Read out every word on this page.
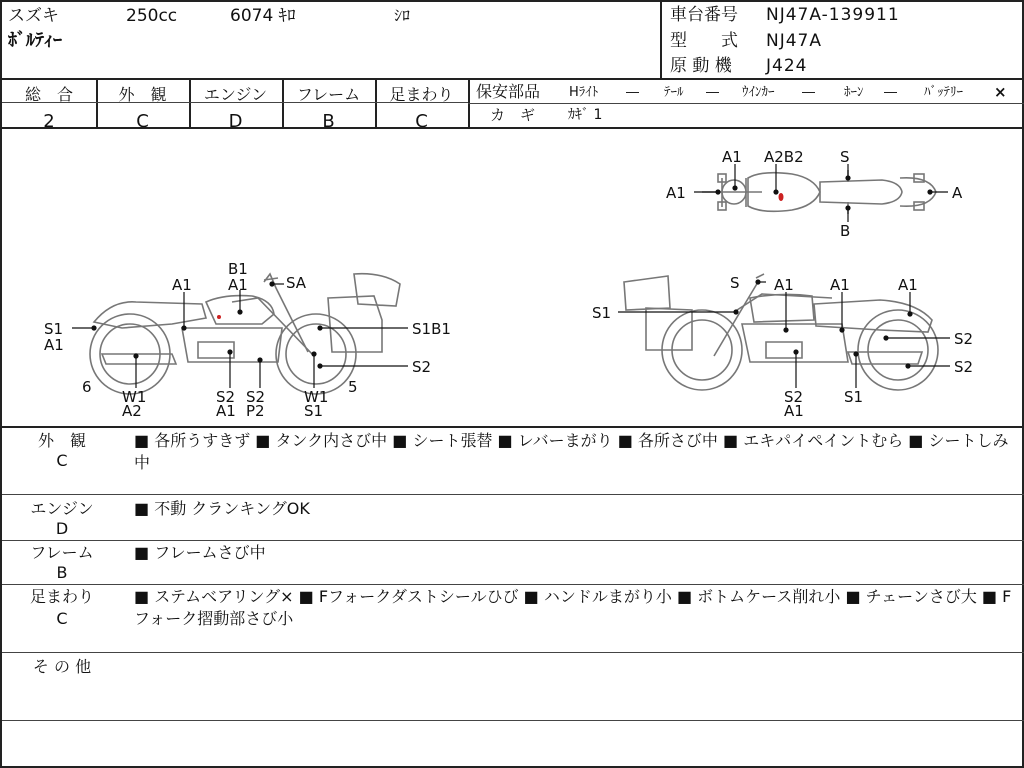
スズキ	250cc	6074 ｷﾛ	ｼﾛ
ﾎﾞﾙﾃｨｰ
車台番号 NJ47A-139911
型　　式 NJ47A
原 動 機 J424
総　合
2
外　観
C
エンジン
D
フレーム
B
足まわり
C
保安部品 Hﾗｲﾄ ― ﾃｰﾙ ― ｳｲﾝｶｰ ― ﾎｰﾝ ― ﾊﾞｯﾃﾘｰ ×
カ　ギ ｶｷﾞ 1
A1 A2B2 S
A1	A
B
B1
A1	SA
A1
S1
A1
S1B1
S2
6
W1
A2
S2
A1
S2
P2
W1
S1
5
S A1 A1	A1
S1
S2
S2
S2
A1
S1
外　観
C
■ 各所うすきず ■ タンク内さび中 ■ シート張替 ■ レバーまがり ■ 各所さび中 ■ エキパイペイントむら ■ シートしみ中
エンジン
D
■ 不動 クランキングOK
フレーム
B
■ フレームさび中
足まわり
C
■ ステムベアリング× ■ Fフォークダストシールひび ■ ハンドルまがり小 ■ ボトムケース削れ小 ■ チェーンさび大 ■ Fフォーク摺動部さび小
そ の 他
